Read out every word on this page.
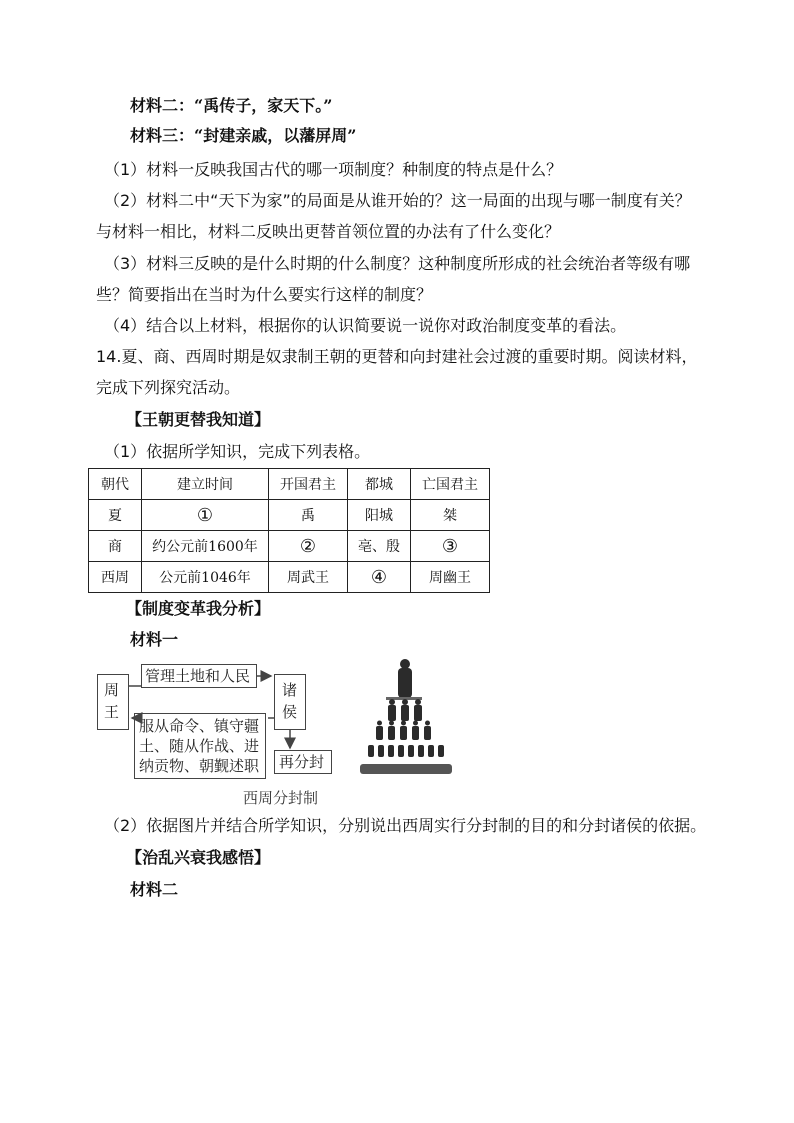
材料二：“禹传子，家天下。”
材料三：“封建亲戚，以藩屏周”
（1）材料一反映我国古代的哪一项制度？种制度的特点是什么？
（2）材料二中“天下为家”的局面是从谁开始的？这一局面的出现与哪一制度有关？
与材料一相比，材料二反映出更替首领位置的办法有了什么变化？
（3）材料三反映的是什么时期的什么制度？这种制度所形成的社会统治者等级有哪
些？简要指出在当时为什么要实行这样的制度？
（4）结合以上材料，根据你的认识简要说一说你对政治制度变革的看法。
14.夏、商、西周时期是奴隶制王朝的更替和向封建社会过渡的重要时期。阅读材料，
完成下列探究活动。
【王朝更替我知道】
（1）依据所学知识，完成下列表格。
朝代	建立时间	开国君主	都城	亡国君主
夏	①	禹	阳城	桀
商	约公元前1600年	②	亳、殷	③
西周	公元前1046年	周武王	④	周幽王
【制度变革我分析】
材料一
周王
诸侯
管理土地和人民
服从命令、镇守疆
土、随从作战、进
纳贡物、朝觐述职	再分封
西周分封制
（2）依据图片并结合所学知识，分别说出西周实行分封制的目的和分封诸侯的依据。
【治乱兴衰我感悟】
材料二
